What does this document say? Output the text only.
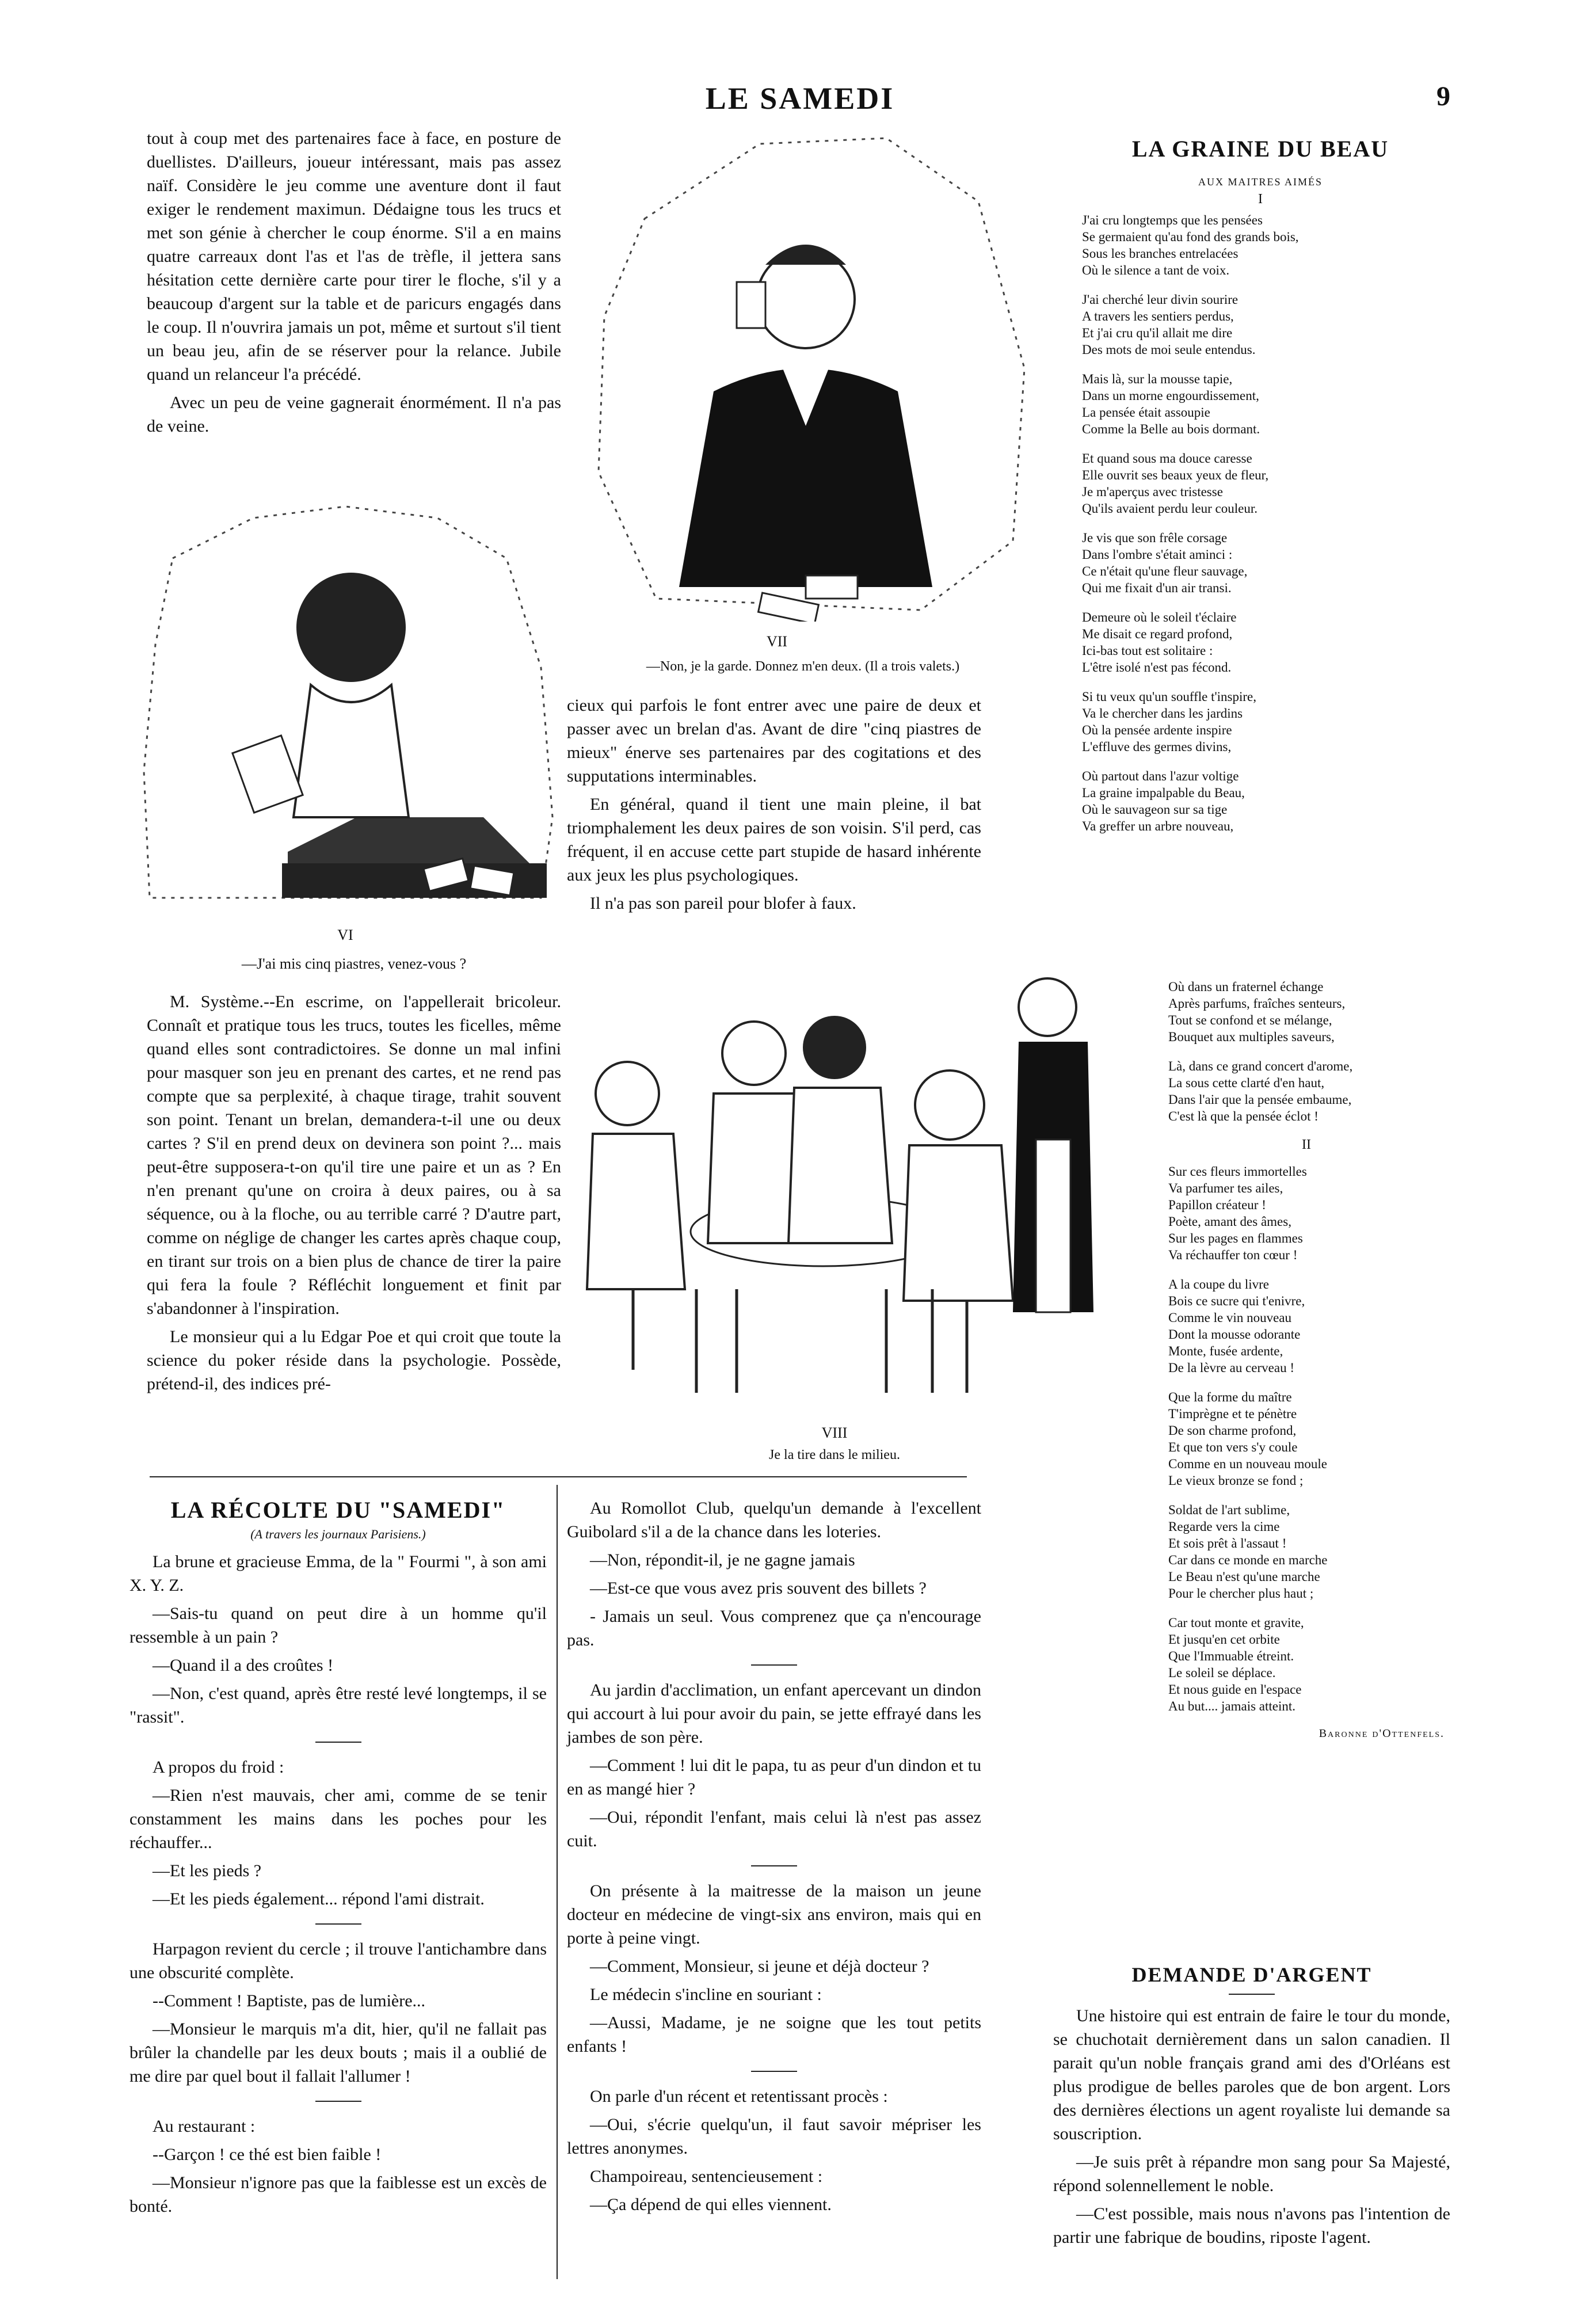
LE SAMEDI	9

tout à coup met des partenaires face à face, en posture de duellistes. D'ailleurs, joueur intéressant, mais pas assez naïf. Considère le jeu comme une aventure dont il faut exiger le rendement maximun. Dédaigne tous les trucs et met son génie à chercher le coup énorme. S'il a en mains quatre carreaux dont l'as et l'as de trèfle, il jettera sans hésitation cette dernière carte pour tirer le floche, s'il y a beaucoup d'argent sur la table et de paricurs engagés dans le coup. Il n'ouvrira jamais un pot, même et surtout s'il tient un beau jeu, afin de se réserver pour la relance. Jubile quand un relanceur l'a précédé.

Avec un peu de veine gagnerait énormément. Il n'a pas de veine.

VI
—J'ai mis cinq piastres, venez-vous ?

M. Système.--En escrime, on l'appellerait bricoleur. Connaît et pratique tous les trucs, toutes les ficelles, même quand elles sont contradictoires. Se donne un mal infini pour masquer son jeu en prenant des cartes, et ne rend pas compte que sa perplexité, à chaque tirage, trahit souvent son point. Tenant un brelan, demandera-t-il une ou deux cartes ? S'il en prend deux on devinera son point ?... mais peut-être supposera-t-on qu'il tire une paire et un as ? En n'en prenant qu'une on croira à deux paires, ou à sa séquence, ou à la floche, ou au terrible carré ? D'autre part, comme on néglige de changer les cartes après chaque coup, en tirant sur trois on a bien plus de chance de tirer la paire qui fera la foule ? Réfléchit longuement et finit par s'abandonner à l'inspiration.

Le monsieur qui a lu Edgar Poe et qui croit que toute la science du poker réside dans la psychologie. Possède, prétend-il, des indices pré-

VII
—Non, je la garde. Donnez m'en deux. (Il a trois valets.)

cieux qui parfois le font entrer avec une paire de deux et passer avec un brelan d'as. Avant de dire "cinq piastres de mieux" énerve ses partenaires par des cogitations et des supputations interminables.

En général, quand il tient une main pleine, il bat triomphalement les deux paires de son voisin. S'il perd, cas fréquent, il en accuse cette part stupide de hasard inhérente aux jeux les plus psychologiques.

Il n'a pas son pareil pour blofer à faux.

VIII
Je la tire dans le milieu.
LA RÉCOLTE DU "SAMEDI"
(A travers les journaux Parisiens.)

La brune et gracieuse Emma, de la " Fourmi ", à son ami X. Y. Z.

—Sais-tu quand on peut dire à un homme qu'il ressemble à un pain ?

—Quand il a des croûtes !

—Non, c'est quand, après être resté levé longtemps, il se "rassit".

A propos du froid :

—Rien n'est mauvais, cher ami, comme de se tenir constamment les mains dans les poches pour les réchauffer...

—Et les pieds ?

—Et les pieds également... répond l'ami distrait.

Harpagon revient du cercle ; il trouve l'antichambre dans une obscurité complète.

--Comment ! Baptiste, pas de lumière...

—Monsieur le marquis m'a dit, hier, qu'il ne fallait pas brûler la chandelle par les deux bouts ; mais il a oublié de me dire par quel bout il fallait l'allumer !

Au restaurant :

--Garçon ! ce thé est bien faible !

—Monsieur n'ignore pas que la faiblesse est un excès de bonté.

Au Romollot Club, quelqu'un demande à l'excellent Guibolard s'il a de la chance dans les loteries.

—Non, répondit-il, je ne gagne jamais

—Est-ce que vous avez pris souvent des billets ?

- Jamais un seul. Vous comprenez que ça n'encourage pas.

Au jardin d'acclimation, un enfant apercevant un dindon qui accourt à lui pour avoir du pain, se jette effrayé dans les jambes de son père.

—Comment ! lui dit le papa, tu as peur d'un dindon et tu en as mangé hier ?

—Oui, répondit l'enfant, mais celui là n'est pas assez cuit.

On présente à la maitresse de la maison un jeune docteur en médecine de vingt-six ans environ, mais qui en porte à peine vingt.

—Comment, Monsieur, si jeune et déjà docteur ?

Le médecin s'incline en souriant :

—Aussi, Madame, je ne soigne que les tout petits enfants !

On parle d'un récent et retentissant procès :

—Oui, s'écrie quelqu'un, il faut savoir mépriser les lettres anonymes.

Champoireau, sentencieusement :

—Ça dépend de qui elles viennent.

LA GRAINE DU BEAU
AUX MAITRES AIMÉS
I
J'ai cru longtemps que les pensées
Se germaient qu'au fond des grands bois,
Sous les branches entrelacées
Où le silence a tant de voix.
J'ai cherché leur divin sourire
A travers les sentiers perdus,
Et j'ai cru qu'il allait me dire
Des mots de moi seule entendus.
Mais là, sur la mousse tapie,
Dans un morne engourdissement,
La pensée était assoupie
Comme la Belle au bois dormant.
Et quand sous ma douce caresse
Elle ouvrit ses beaux yeux de fleur,
Je m'aperçus avec tristesse
Qu'ils avaient perdu leur couleur.
Je vis que son frêle corsage
Dans l'ombre s'était aminci :
Ce n'était qu'une fleur sauvage,
Qui me fixait d'un air transi.
Demeure où le soleil t'éclaire
Me disait ce regard profond,
Ici-bas tout est solitaire :
L'être isolé n'est pas fécond.
Si tu veux qu'un souffle t'inspire,
Va le chercher dans les jardins
Où la pensée ardente inspire
L'effluve des germes divins,
Où partout dans l'azur voltige
La graine impalpable du Beau,
Où le sauvageon sur sa tige
Va greffer un arbre nouveau,
Où dans un fraternel échange
Après parfums, fraîches senteurs,
Tout se confond et se mélange,
Bouquet aux multiples saveurs,
Là, dans ce grand concert d'arome,
La sous cette clarté d'en haut,
Dans l'air que la pensée embaume,
C'est là que la pensée éclot !
II
Sur ces fleurs immortelles
Va parfumer tes ailes,
Papillon créateur !
Poète, amant des âmes,
Sur les pages en flammes
Va réchauffer ton cœur !
A la coupe du livre
Bois ce sucre qui t'enivre,
Comme le vin nouveau
Dont la mousse odorante
Monte, fusée ardente,
De la lèvre au cerveau !
Que la forme du maître
T'imprègne et te pénètre
De son charme profond,
Et que ton vers s'y coule
Comme en un nouveau moule
Le vieux bronze se fond ;
Soldat de l'art sublime,
Regarde vers la cime
Et sois prêt à l'assaut !
Car dans ce monde en marche
Le Beau n'est qu'une marche
Pour le chercher plus haut ;
Car tout monte et gravite,
Et jusqu'en cet orbite
Que l'Immuable étreint.
Le soleil se déplace.
Et nous guide en l'espace
Au but.... jamais atteint.
Baronne d'Ottenfels.
DEMANDE D'ARGENT

Une histoire qui est entrain de faire le tour du monde, se chuchotait dernièrement dans un salon canadien. Il parait qu'un noble français grand ami des d'Orléans est plus prodigue de belles paroles que de bon argent. Lors des dernières élections un agent royaliste lui demande sa souscription.

—Je suis prêt à répandre mon sang pour Sa Majesté, répond solennellement le noble.

—C'est possible, mais nous n'avons pas l'intention de partir une fabrique de boudins, riposte l'agent.
